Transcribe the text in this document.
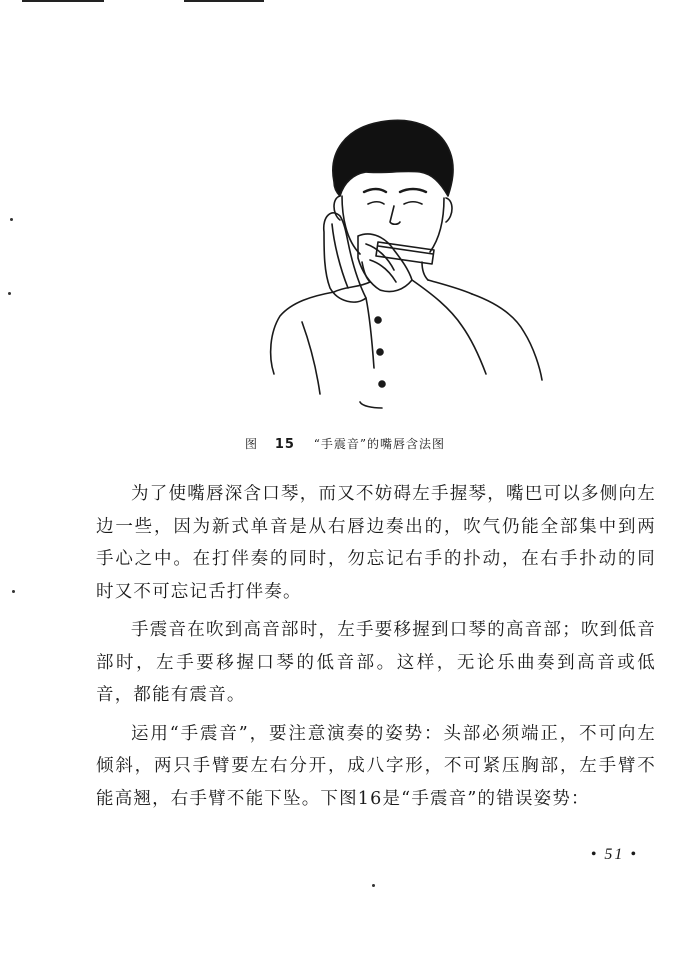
图 15 “手震音”的嘴唇含法图

为了使嘴唇深含口琴，而又不妨碍左手握琴，嘴巴可以多侧向左边一些，因为新式单音是从右唇边奏出的，吹气仍能全部集中到两手心之中。在打伴奏的同时，勿忘记右手的扑动，在右手扑动的同时又不可忘记舌打伴奏。

手震音在吹到高音部时，左手要移握到口琴的高音部；吹到低音部时，左手要移握口琴的低音部。这样，无论乐曲奏到高音或低音，都能有震音。

运用“手震音”，要注意演奏的姿势：头部必须端正，不可向左倾斜，两只手臂要左右分开，成八字形，不可紧压胸部，左手臂不能高翘，右手臂不能下坠。下图16是“手震音”的错误姿势：

• 51 •
